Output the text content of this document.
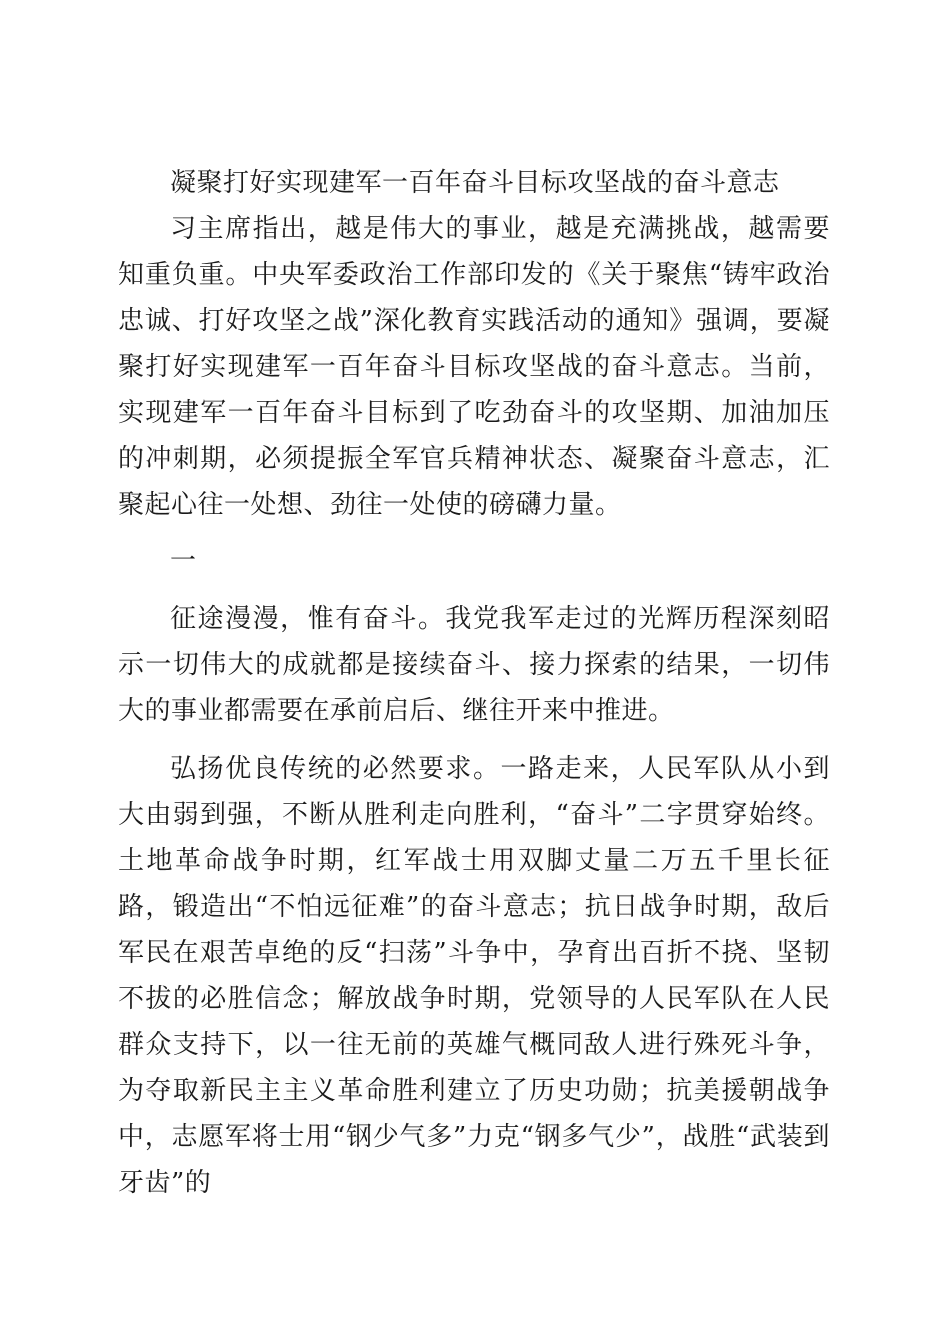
凝聚打好实现建军一百年奋斗目标攻坚战的奋斗意志

习主席指出，越是伟大的事业，越是充满挑战，越需要知重负重。中央军委政治工作部印发的《关于聚焦“铸牢政治忠诚、打好攻坚之战”深化教育实践活动的通知》强调，要凝聚打好实现建军一百年奋斗目标攻坚战的奋斗意志。当前，实现建军一百年奋斗目标到了吃劲奋斗的攻坚期、加油加压的冲刺期，必须提振全军官兵精神状态、凝聚奋斗意志，汇聚起心往一处想、劲往一处使的磅礴力量。

一

征途漫漫，惟有奋斗。我党我军走过的光辉历程深刻昭示一切伟大的成就都是接续奋斗、接力探索的结果，一切伟大的事业都需要在承前启后、继往开来中推进。

弘扬优良传统的必然要求。一路走来，人民军队从小到大由弱到强，不断从胜利走向胜利，“奋斗”二字贯穿始终。土地革命战争时期，红军战士用双脚丈量二万五千里长征路，锻造出“不怕远征难”的奋斗意志；抗日战争时期，敌后军民在艰苦卓绝的反“扫荡”斗争中，孕育出百折不挠、坚韧不拔的必胜信念；解放战争时期，党领导的人民军队在人民群众支持下，以一往无前的英雄气概同敌人进行殊死斗争，为夺取新民主主义革命胜利建立了历史功勋；抗美援朝战争中，志愿军将士用“钢少气多”力克“钢多气少”，战胜“武装到牙齿”的
